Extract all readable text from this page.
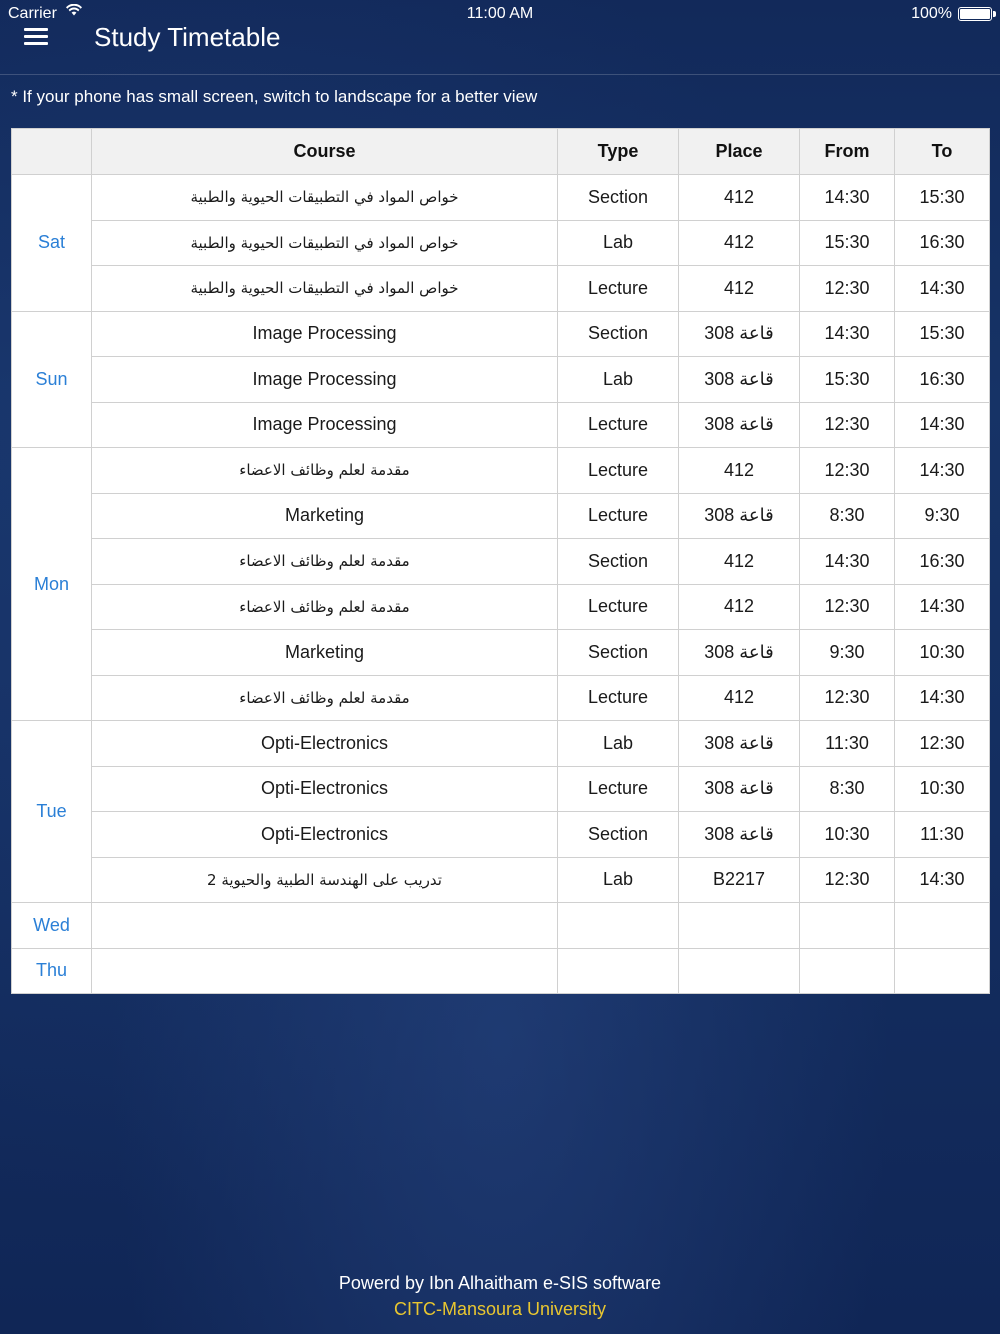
Carrier	11:00 AM	100%
Study Timetable
* If your phone has small screen, switch to landscape for a better view
	Course	Type	Place	From	To
Sat	خواص المواد في التطبيقات الحيوية والطبية	Section	412	14:30	15:30
	خواص المواد في التطبيقات الحيوية والطبية	Lab	412	15:30	16:30
	خواص المواد في التطبيقات الحيوية والطبية	Lecture	412	12:30	14:30
Sun	Image Processing	Section	قاعة 308	14:30	15:30
	Image Processing	Lab	قاعة 308	15:30	16:30
	Image Processing	Lecture	قاعة 308	12:30	14:30
Mon	مقدمة لعلم وظائف الاعضاء	Lecture	412	12:30	14:30
	Marketing	Lecture	قاعة 308	8:30	9:30
	مقدمة لعلم وظائف الاعضاء	Section	412	14:30	16:30
	مقدمة لعلم وظائف الاعضاء	Lecture	412	12:30	14:30
	Marketing	Section	قاعة 308	9:30	10:30
	مقدمة لعلم وظائف الاعضاء	Lecture	412	12:30	14:30
Tue	Opti-Electronics	Lab	قاعة 308	11:30	12:30
	Opti-Electronics	Lecture	قاعة 308	8:30	10:30
	Opti-Electronics	Section	قاعة 308	10:30	11:30
	تدريب على الهندسة الطبية والحيوية 2	Lab	B2217	12:30	14:30
Wed					
Thu					
Powerd by Ibn Alhaitham e-SIS software
CITC-Mansoura University
